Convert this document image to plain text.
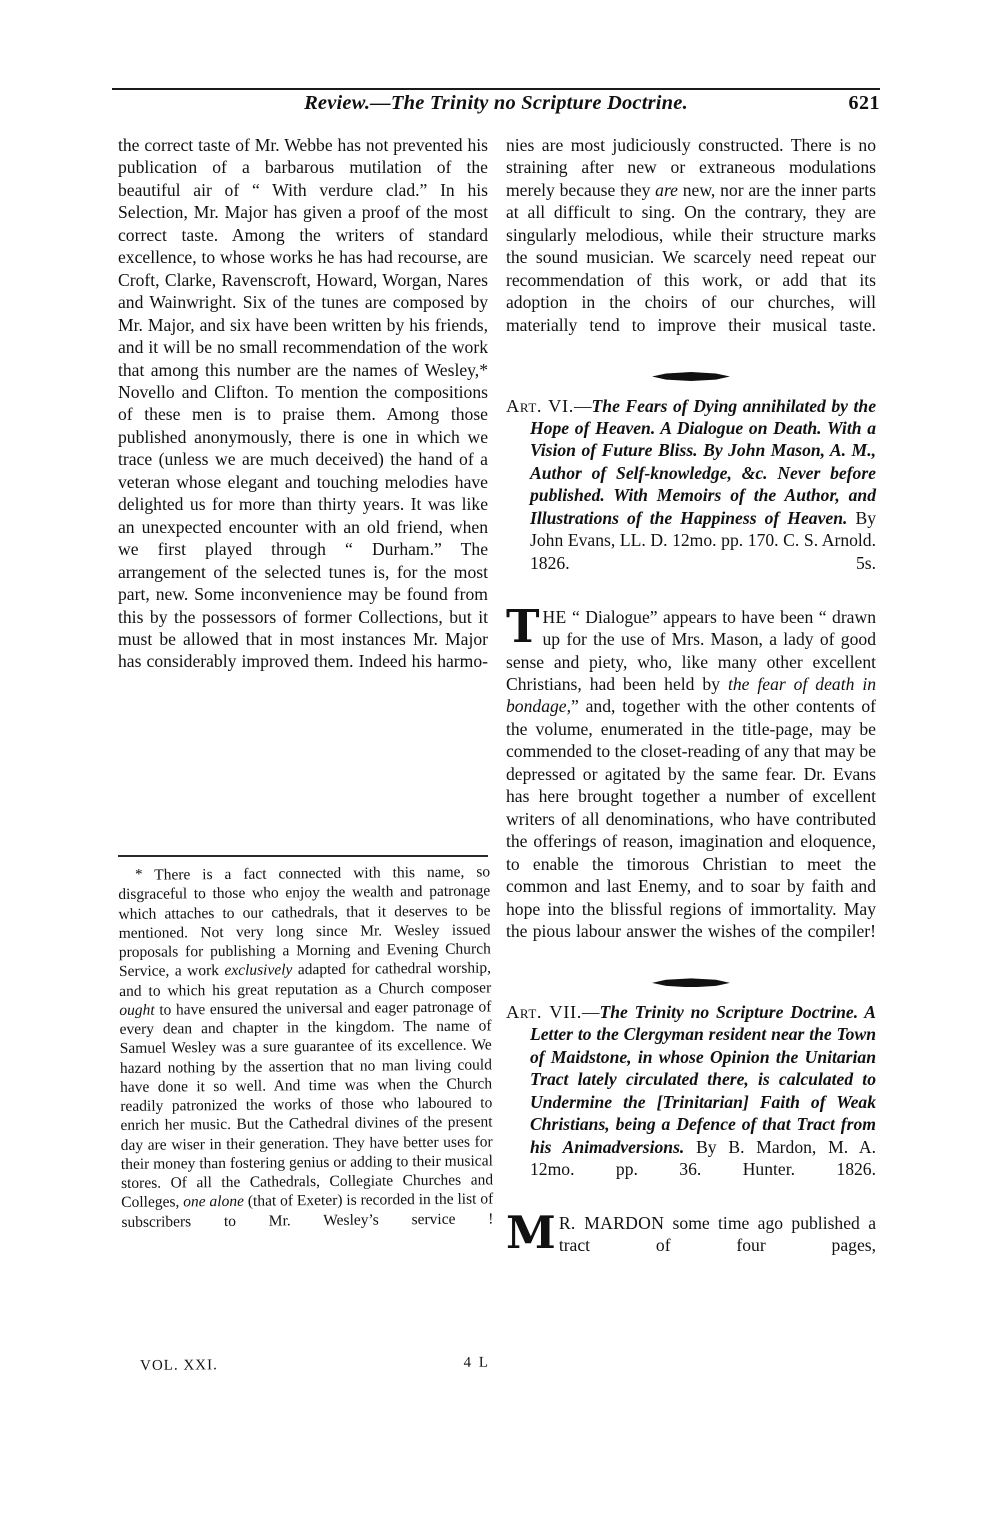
Review.—The Trinity no Scripture Doctrine.	621

the correct taste of Mr. Webbe has not prevented his publication of a barbarous mutilation of the beautiful air of “ With verdure clad.” In his Selection, Mr. Major has given a proof of the most correct taste. Among the writers of standard excellence, to whose works he has had recourse, are Croft, Clarke, Ravenscroft, Howard, Worgan, Nares and Wainwright. Six of the tunes are composed by Mr. Major, and six have been written by his friends, and it will be no small recommendation of the work that among this number are the names of Wesley,* Novello and Clifton. To mention the compositions of these men is to praise them. Among those published anonymously, there is one in which we trace (unless we are much deceived) the hand of a veteran whose elegant and touching melodies have delighted us for more than thirty years. It was like an unexpected encounter with an old friend, when we first played through “ Durham.” The arrangement of the selected tunes is, for the most part, new. Some inconvenience may be found from this by the possessors of former Collections, but it must be allowed that in most instances Mr. Major has considerably improved them. Indeed his harmo-

* There is a fact connected with this name, so disgraceful to those who enjoy the wealth and patronage which attaches to our cathedrals, that it deserves to be mentioned. Not very long since Mr. Wesley issued proposals for publishing a Morning and Evening Church Service, a work exclusively adapted for cathedral worship, and to which his great reputation as a Church composer ought to have ensured the universal and eager patronage of every dean and chapter in the kingdom. The name of Samuel Wesley was a sure guarantee of its excellence. We hazard nothing by the assertion that no man living could have done it so well. And time was when the Church readily patronized the works of those who laboured to enrich her music. But the Cathedral divines of the present day are wiser in their generation. They have better uses for their money than fostering genius or adding to their musical stores. Of all the Cathedrals, Collegiate Churches and Colleges, one alone (that of Exeter) is recorded in the list of subscribers to Mr. Wesley’s service !

VOL. XXI.	4 L

nies are most judiciously constructed. There is no straining after new or extraneous modulations merely because they are new, nor are the inner parts at all difficult to sing. On the contrary, they are singularly melodious, while their structure marks the sound musician. We scarcely need repeat our recommendation of this work, or add that its adoption in the choirs of our churches, will materially tend to improve their musical taste.

Art. VI.—The Fears of Dying annihilated by the Hope of Heaven. A Dialogue on Death. With a Vision of Future Bliss. By John Mason, A. M., Author of Self-knowledge, &c. Never before published. With Memoirs of the Author, and Illustrations of the Happiness of Heaven. By John Evans, LL. D. 12mo. pp. 170. C. S. Arnold. 1826. 5s.

THE “ Dialogue” appears to have been “ drawn up for the use of Mrs. Mason, a lady of good sense and piety, who, like many other excellent Christians, had been held by the fear of death in bondage,” and, together with the other contents of the volume, enumerated in the title-page, may be commended to the closet-reading of any that may be depressed or agitated by the same fear. Dr. Evans has here brought together a number of excellent writers of all denominations, who have contributed the offerings of reason, imagination and eloquence, to enable the timorous Christian to meet the common and last Enemy, and to soar by faith and hope into the blissful regions of immortality. May the pious labour answer the wishes of the compiler!

Art. VII.—The Trinity no Scripture Doctrine. A Letter to the Clergyman resident near the Town of Maidstone, in whose Opinion the Unitarian Tract lately circulated there, is calculated to Undermine the [Trinitarian] Faith of Weak Christians, being a Defence of that Tract from his Animadversions. By B. Mardon, M. A. 12mo. pp. 36. Hunter. 1826.

M R. MARDON some time ago published a tract of four pages,
